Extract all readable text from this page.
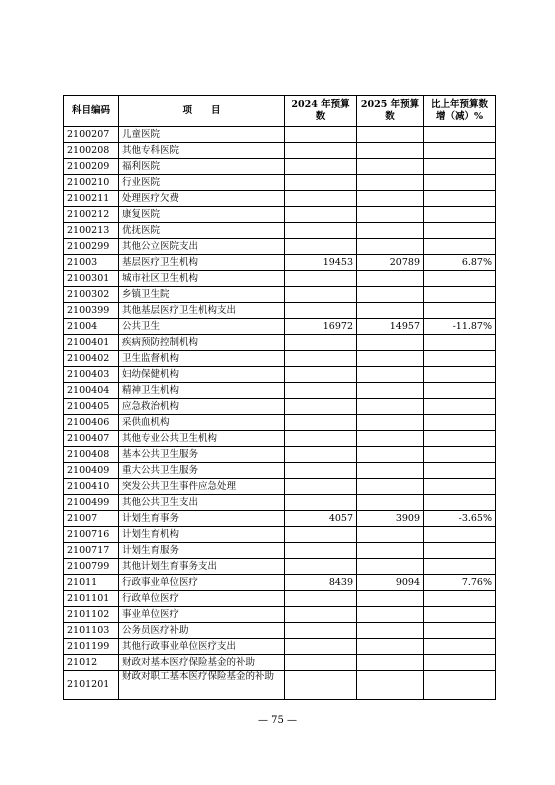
科目编码	项　　目	2024 年预算数	2025 年预算数	比上年预算数增（减）%
2100207	儿童医院			
2100208	其他专科医院			
2100209	福利医院			
2100210	行业医院			
2100211	处理医疗欠费			
2100212	康复医院			
2100213	优抚医院			
2100299	其他公立医院支出			
21003	基层医疗卫生机构	19453	20789	6.87%
2100301	城市社区卫生机构			
2100302	乡镇卫生院			
2100399	其他基层医疗卫生机构支出			
21004	公共卫生	16972	14957	-11.87%
2100401	疾病预防控制机构			
2100402	卫生监督机构			
2100403	妇幼保健机构			
2100404	精神卫生机构			
2100405	应急救治机构			
2100406	采供血机构			
2100407	其他专业公共卫生机构			
2100408	基本公共卫生服务			
2100409	重大公共卫生服务			
2100410	突发公共卫生事件应急处理			
2100499	其他公共卫生支出			
21007	计划生育事务	4057	3909	-3.65%
2100716	计划生育机构			
2100717	计划生育服务			
2100799	其他计划生育事务支出			
21011	行政事业单位医疗	8439	9094	7.76%
2101101	行政单位医疗			
2101102	事业单位医疗			
2101103	公务员医疗补助			
2101199	其他行政事业单位医疗支出			
21012	财政对基本医疗保险基金的补助			
2101201	财政对职工基本医疗保险基金的补助			
— 75 —
